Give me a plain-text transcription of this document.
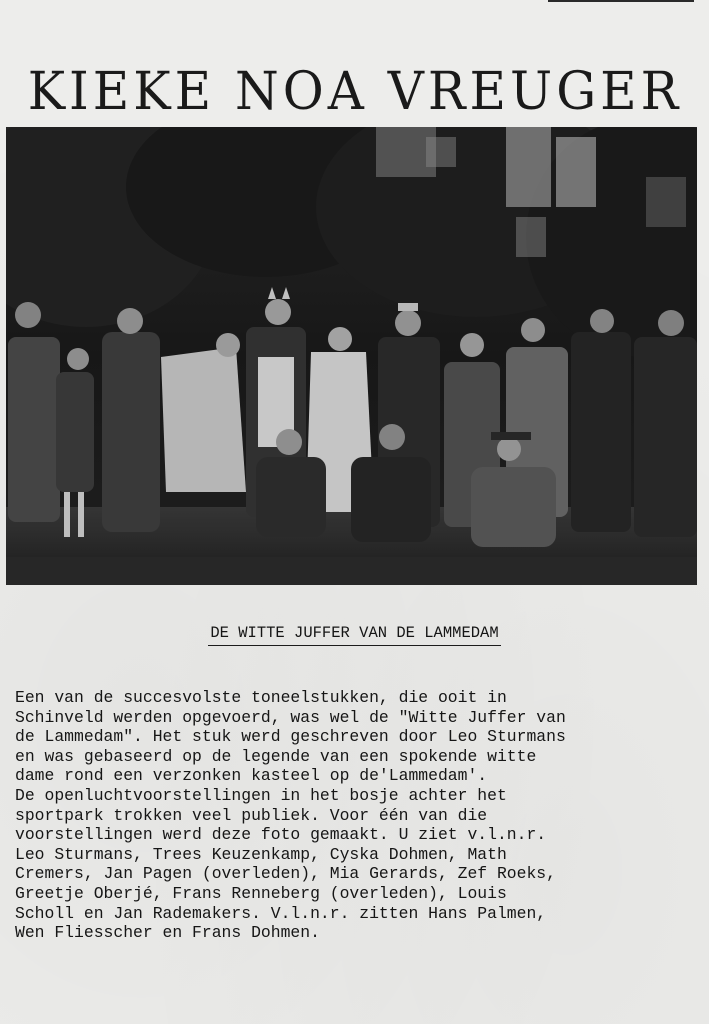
KIEKE NOA VREUGER
DE WITTE JUFFER VAN DE LAMMEDAM
Een van de succesvolste toneelstukken, die ooit in
Schinveld werden opgevoerd, was wel de "Witte Juffer van
de Lammedam". Het stuk werd geschreven door Leo Sturmans
en was gebaseerd op de legende van een spokende witte
dame rond een verzonken kasteel op de'Lammedam'.
De openluchtvoorstellingen in het bosje achter het
sportpark trokken veel publiek. Voor één van die
voorstellingen werd deze foto gemaakt. U ziet v.l.n.r.
Leo Sturmans, Trees Keuzenkamp, Cyska Dohmen, Math
Cremers, Jan Pagen (overleden), Mia Gerards, Zef Roeks,
Greetje Oberjé, Frans Renneberg (overleden), Louis
Scholl en Jan Rademakers. V.l.n.r. zitten Hans Palmen,
Wen Fliesscher en Frans Dohmen.
